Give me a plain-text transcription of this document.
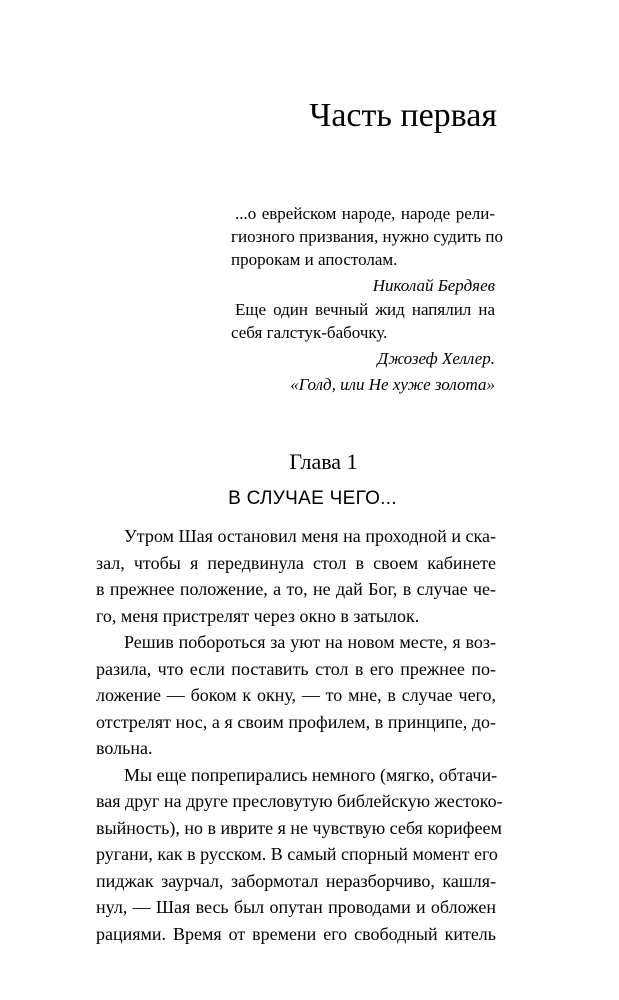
Часть первая
...о еврейском народе, народе рели-
гиозного призвания, нужно судить по
пророкам и апостолам.
Николай Бердяев
Еще один вечный жид напялил на
себя галстук-бабочку.
Джозеф Хеллер.
«Голд, или Не хуже золота»
Глава 1
В СЛУЧАЕ ЧЕГО...
Утром Шая остановил меня на проходной и ска-
зал, чтобы я передвинула стол в своем кабинете
в прежнее положение, а то, не дай Бог, в случае че-
го, меня пристрелят через окно в затылок.
Решив побороться за уют на новом месте, я воз-
разила, что если поставить стол в его прежнее по-
ложение — боком к окну, — то мне, в случае чего,
отстрелят нос, а я своим профилем, в принципе, до-
вольна.
Мы еще попрепирались немного (мягко, обтачи-
вая друг на друге пресловутую библейскую жестоко-
выйность), но в иврите я не чувствую себя корифеем
ругани, как в русском. В самый спорный момент его
пиджак заурчал, забормотал неразборчиво, кашля-
нул, — Шая весь был опутан проводами и обложен
рациями. Время от времени его свободный китель
